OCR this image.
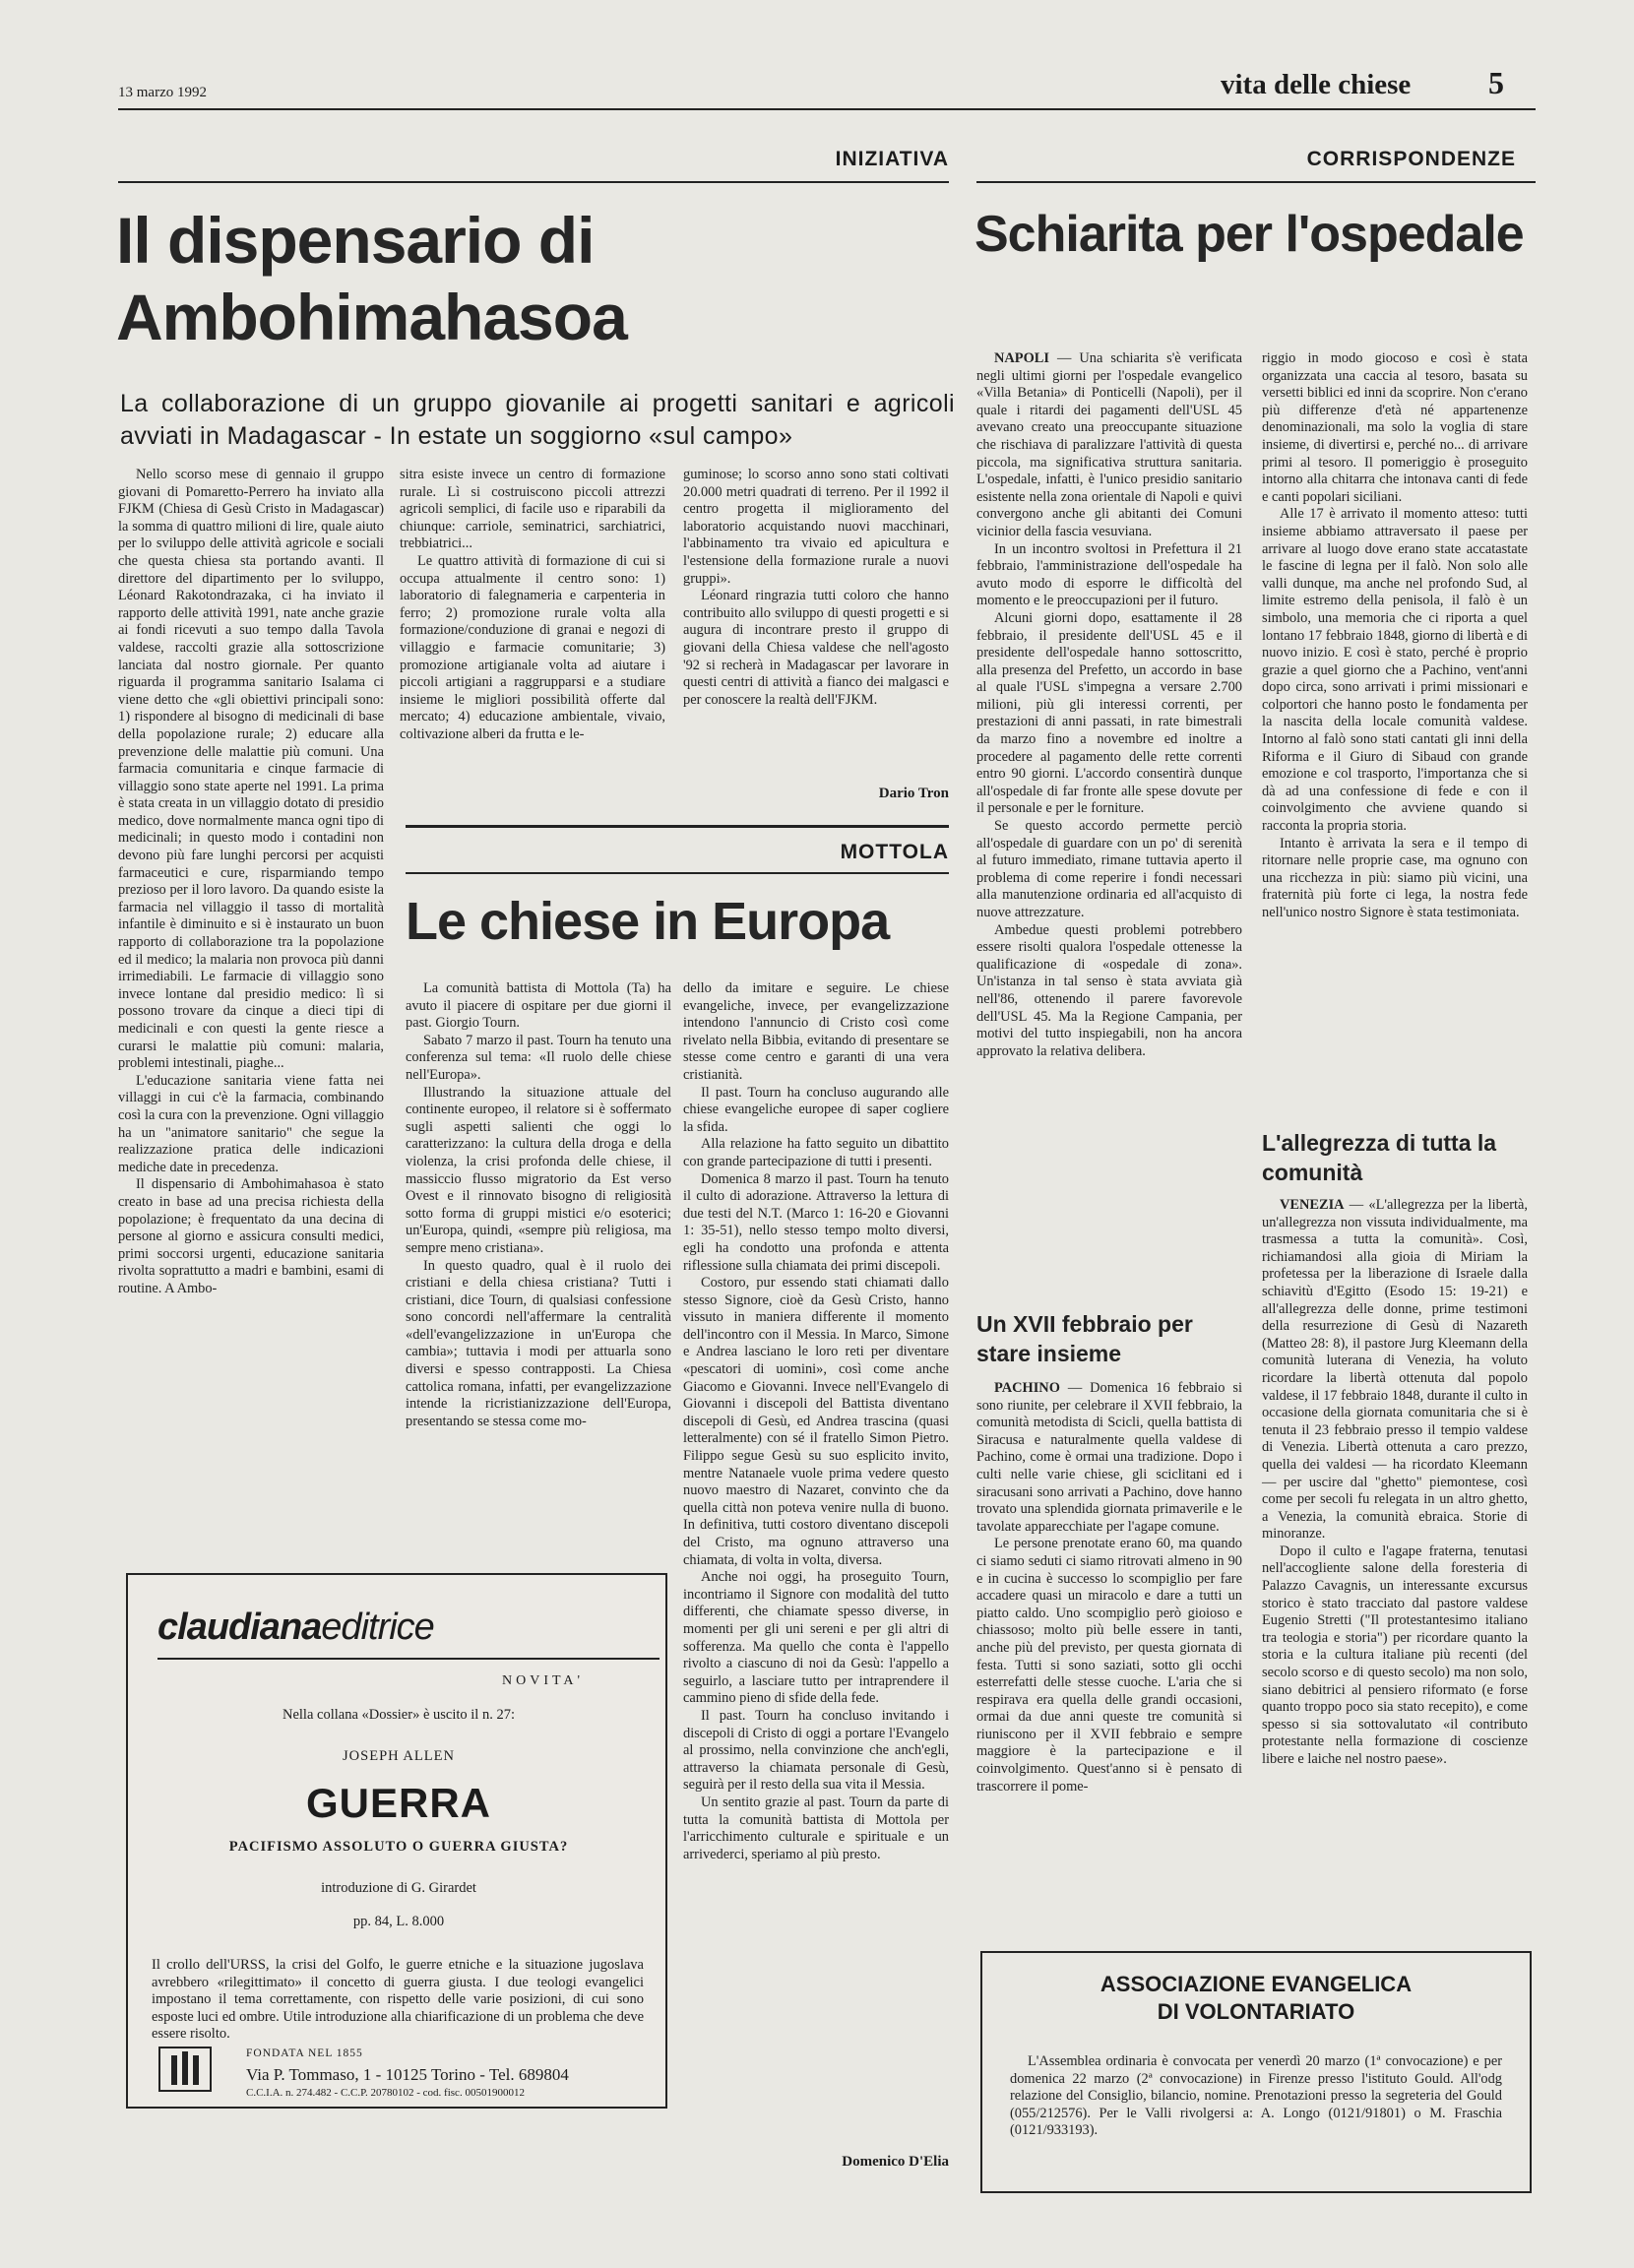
13 marzo 1992	vita delle chiese 5
INIZIATIVA
Il dispensario di Ambohimahasoa
La collaborazione di un gruppo giovanile ai progetti sanitari e agricoli avviati in Madagascar - In estate un soggiorno «sul campo»

Nello scorso mese di gennaio il gruppo giovani di Pomaretto-Perrero ha inviato alla FJKM (Chiesa di Gesù Cristo in Madagascar) la somma di quattro milioni di lire, quale aiuto per lo sviluppo delle attività agricole e sociali che questa chiesa sta portando avanti. Il direttore del dipartimento per lo sviluppo, Léonard Rakotondrazaka, ci ha inviato il rapporto delle attività 1991, nate anche grazie ai fondi ricevuti a suo tempo dalla Tavola valdese, raccolti grazie alla sottoscrizione lanciata dal nostro giornale. Per quanto riguarda il programma sanitario Isalama ci viene detto che «gli obiettivi principali sono: 1) rispondere al bisogno di medicinali di base della popolazione rurale; 2) educare alla prevenzione delle malattie più comuni. Una farmacia comunitaria e cinque farmacie di villaggio sono state aperte nel 1991. La prima è stata creata in un villaggio dotato di presidio medico, dove normalmente manca ogni tipo di medicinali; in questo modo i contadini non devono più fare lunghi percorsi per acquisti farmaceutici e cure, risparmiando tempo prezioso per il loro lavoro. Da quando esiste la farmacia nel villaggio il tasso di mortalità infantile è diminuito e si è instaurato un buon rapporto di collaborazione tra la popolazione ed il medico; la malaria non provoca più danni irrimediabili. Le farmacie di villaggio sono invece lontane dal presidio medico: lì si possono trovare da cinque a dieci tipi di medicinali e con questi la gente riesce a curarsi le malattie più comuni: malaria, problemi intestinali, piaghe...

L'educazione sanitaria viene fatta nei villaggi in cui c'è la farmacia, combinando così la cura con la prevenzione. Ogni villaggio ha un "animatore sanitario" che segue la realizzazione pratica delle indicazioni mediche date in precedenza.

Il dispensario di Ambohimahasoa è stato creato in base ad una precisa richiesta della popolazione; è frequentato da una decina di persone al giorno e assicura consulti medici, primi soccorsi urgenti, educazione sanitaria rivolta soprattutto a madri e bambini, esami di routine. A Ambo-

sitra esiste invece un centro di formazione rurale. Lì si costruiscono piccoli attrezzi agricoli semplici, di facile uso e riparabili da chiunque: carriole, seminatrici, sarchiatrici, trebbiatrici...

Le quattro attività di formazione di cui si occupa attualmente il centro sono: 1) laboratorio di falegnameria e carpenteria in ferro; 2) promozione rurale volta alla formazione/conduzione di granai e negozi di villaggio e farmacie comunitarie; 3) promozione artigianale volta ad aiutare i piccoli artigiani a raggrupparsi e a studiare insieme le migliori possibilità offerte dal mercato; 4) educazione ambientale, vivaio, coltivazione alberi da frutta e le-

guminose; lo scorso anno sono stati coltivati 20.000 metri quadrati di terreno. Per il 1992 il centro progetta il miglioramento del laboratorio acquistando nuovi macchinari, l'abbinamento tra vivaio ed apicultura e l'estensione della formazione rurale a nuovi gruppi».

Léonard ringrazia tutti coloro che hanno contribuito allo sviluppo di questi progetti e si augura di incontrare presto il gruppo di giovani della Chiesa valdese che nell'agosto '92 si recherà in Madagascar per lavorare in questi centri di attività a fianco dei malgasci e per conoscere la realtà dell'FJKM.

Dario Tron
MOTTOLA
Le chiese in Europa

La comunità battista di Mottola (Ta) ha avuto il piacere di ospitare per due giorni il past. Giorgio Tourn.

Sabato 7 marzo il past. Tourn ha tenuto una conferenza sul tema: «Il ruolo delle chiese nell'Europa».

Illustrando la situazione attuale del continente europeo, il relatore si è soffermato sugli aspetti salienti che oggi lo caratterizzano: la cultura della droga e della violenza, la crisi profonda delle chiese, il massiccio flusso migratorio da Est verso Ovest e il rinnovato bisogno di religiosità sotto forma di gruppi mistici e/o esoterici; un'Europa, quindi, «sempre più religiosa, ma sempre meno cristiana».

In questo quadro, qual è il ruolo dei cristiani e della chiesa cristiana? Tutti i cristiani, dice Tourn, di qualsiasi confessione sono concordi nell'affermare la centralità «dell'evangelizzazione in un'Europa che cambia»; tuttavia i modi per attuarla sono diversi e spesso contrapposti. La Chiesa cattolica romana, infatti, per evangelizzazione intende la ricristianizzazione dell'Europa, presentando se stessa come mo-

dello da imitare e seguire. Le chiese evangeliche, invece, per evangelizzazione intendono l'annuncio di Cristo così come rivelato nella Bibbia, evitando di presentare se stesse come centro e garanti di una vera cristianità.

Il past. Tourn ha concluso augurando alle chiese evangeliche europee di saper cogliere la sfida.

Alla relazione ha fatto seguito un dibattito con grande partecipazione di tutti i presenti.

Domenica 8 marzo il past. Tourn ha tenuto il culto di adorazione. Attraverso la lettura di due testi del N.T. (Marco 1: 16-20 e Giovanni 1: 35-51), nello stesso tempo molto diversi, egli ha condotto una profonda e attenta riflessione sulla chiamata dei primi discepoli.

Costoro, pur essendo stati chiamati dallo stesso Signore, cioè da Gesù Cristo, hanno vissuto in maniera differente il momento dell'incontro con il Messia. In Marco, Simone e Andrea lasciano le loro reti per diventare «pescatori di uomini», così come anche Giacomo e Giovanni. Invece nell'Evangelo di Giovanni i discepoli del Battista diventano discepoli di Gesù, ed Andrea trascina (quasi letteralmente) con sé il fratello Simon Pietro. Filippo segue Gesù su suo esplicito invito, mentre Natanaele vuole prima vedere questo nuovo maestro di Nazaret, convinto che da quella città non poteva venire nulla di buono. In definitiva, tutti costoro diventano discepoli del Cristo, ma ognuno attraverso una chiamata, di volta in volta, diversa.

Anche noi oggi, ha proseguito Tourn, incontriamo il Signore con modalità del tutto differenti, che chiamate spesso diverse, in momenti per gli uni sereni e per gli altri di sofferenza. Ma quello che conta è l'appello rivolto a ciascuno di noi da Gesù: l'appello a seguirlo, a lasciare tutto per intraprendere il cammino pieno di sfide della fede.

Il past. Tourn ha concluso invitando i discepoli di Cristo di oggi a portare l'Evangelo al prossimo, nella convinzione che anch'egli, attraverso la chiamata personale di Gesù, seguirà per il resto della sua vita il Messia.

Un sentito grazie al past. Tourn da parte di tutta la comunità battista di Mottola per l'arricchimento culturale e spirituale e un arrivederci, speriamo al più presto.

Domenico D'Elia
claudianaeditrice
NOVITA'
Nella collana «Dossier» è uscito il n. 27:
JOSEPH ALLEN
GUERRA
PACIFISMO ASSOLUTO O GUERRA GIUSTA?
introduzione di G. Girardet
pp. 84, L. 8.000
Il crollo dell'URSS, la crisi del Golfo, le guerre etniche e la situazione jugoslava avrebbero «rilegittimato» il concetto di guerra giusta. I due teologi evangelici impostano il tema correttamente, con rispetto delle varie posizioni, di cui sono esposte luci ed ombre. Utile introduzione alla chiarificazione di un problema che deve essere risolto.
FONDATA NEL 1855
Via P. Tommaso, 1 - 10125 Torino - Tel. 689804
C.C.I.A. n. 274.482 - C.C.P. 20780102 - cod. fisc. 00501900012
CORRISPONDENZE
Schiarita per l'ospedale

NAPOLI — Una schiarita s'è verificata negli ultimi giorni per l'ospedale evangelico «Villa Betania» di Ponticelli (Napoli), per il quale i ritardi dei pagamenti dell'USL 45 avevano creato una preoccupante situazione che rischiava di paralizzare l'attività di questa piccola, ma significativa struttura sanitaria. L'ospedale, infatti, è l'unico presidio sanitario esistente nella zona orientale di Napoli e quivi convergono anche gli abitanti dei Comuni vicinior della fascia vesuviana.

In un incontro svoltosi in Prefettura il 21 febbraio, l'amministrazione dell'ospedale ha avuto modo di esporre le difficoltà del momento e le preoccupazioni per il futuro.

Alcuni giorni dopo, esattamente il 28 febbraio, il presidente dell'USL 45 e il presidente dell'ospedale hanno sottoscritto, alla presenza del Prefetto, un accordo in base al quale l'USL s'impegna a versare 2.700 milioni, più gli interessi correnti, per prestazioni di anni passati, in rate bimestrali da marzo fino a novembre ed inoltre a procedere al pagamento delle rette correnti entro 90 giorni. L'accordo consentirà dunque all'ospedale di far fronte alle spese dovute per il personale e per le forniture.

Se questo accordo permette perciò all'ospedale di guardare con un po' di serenità al futuro immediato, rimane tuttavia aperto il problema di come reperire i fondi necessari alla manutenzione ordinaria ed all'acquisto di nuove attrezzature.

Ambedue questi problemi potrebbero essere risolti qualora l'ospedale ottenesse la qualificazione di «ospedale di zona». Un'istanza in tal senso è stata avviata già nell'86, ottenendo il parere favorevole dell'USL 45. Ma la Regione Campania, per motivi del tutto inspiegabili, non ha ancora approvato la relativa delibera.

Un XVII febbraio per stare insieme

PACHINO — Domenica 16 febbraio si sono riunite, per celebrare il XVII febbraio, la comunità metodista di Scicli, quella battista di Siracusa e naturalmente quella valdese di Pachino, come è ormai una tradizione. Dopo i culti nelle varie chiese, gli sciclitani ed i siracusani sono arrivati a Pachino, dove hanno trovato una splendida giornata primaverile e le tavolate apparecchiate per l'agape comune.

Le persone prenotate erano 60, ma quando ci siamo seduti ci siamo ritrovati almeno in 90 e in cucina è successo lo scompiglio per fare accadere quasi un miracolo e dare a tutti un piatto caldo. Uno scompiglio però gioioso e chiassoso; molto più belle essere in tanti, anche più del previsto, per questa giornata di festa. Tutti si sono saziati, sotto gli occhi esterrefatti delle stesse cuoche. L'aria che si respirava era quella delle grandi occasioni, ormai da due anni queste tre comunità si riuniscono per il XVII febbraio e sempre maggiore è la partecipazione e il coinvolgimento. Quest'anno si è pensato di trascorrere il pome-

riggio in modo giocoso e così è stata organizzata una caccia al tesoro, basata su versetti biblici ed inni da scoprire. Non c'erano più differenze d'età né appartenenze denominazionali, ma solo la voglia di stare insieme, di divertirsi e, perché no... di arrivare primi al tesoro. Il pomeriggio è proseguito intorno alla chitarra che intonava canti di fede e canti popolari siciliani.

Alle 17 è arrivato il momento atteso: tutti insieme abbiamo attraversato il paese per arrivare al luogo dove erano state accatastate le fascine di legna per il falò. Non solo alle valli dunque, ma anche nel profondo Sud, al limite estremo della penisola, il falò è un simbolo, una memoria che ci riporta a quel lontano 17 febbraio 1848, giorno di libertà e di nuovo inizio. E così è stato, perché è proprio grazie a quel giorno che a Pachino, vent'anni dopo circa, sono arrivati i primi missionari e colportori che hanno posto le fondamenta per la nascita della locale comunità valdese. Intorno al falò sono stati cantati gli inni della Riforma e il Giuro di Sibaud con grande emozione e col trasporto, l'importanza che si dà ad una confessione di fede e con il coinvolgimento che avviene quando si racconta la propria storia.

Intanto è arrivata la sera e il tempo di ritornare nelle proprie case, ma ognuno con una ricchezza in più: siamo più vicini, una fraternità più forte ci lega, la nostra fede nell'unico nostro Signore è stata testimoniata.

L'allegrezza di tutta la comunità

VENEZIA — «L'allegrezza per la libertà, un'allegrezza non vissuta individualmente, ma trasmessa a tutta la comunità». Così, richiamandosi alla gioia di Miriam la profetessa per la liberazione di Israele dalla schiavitù d'Egitto (Esodo 15: 19-21) e all'allegrezza delle donne, prime testimoni della resurrezione di Gesù di Nazareth (Matteo 28: 8), il pastore Jurg Kleemann della comunità luterana di Venezia, ha voluto ricordare la libertà ottenuta dal popolo valdese, il 17 febbraio 1848, durante il culto in occasione della giornata comunitaria che si è tenuta il 23 febbraio presso il tempio valdese di Venezia. Libertà ottenuta a caro prezzo, quella dei valdesi — ha ricordato Kleemann — per uscire dal "ghetto" piemontese, così come per secoli fu relegata in un altro ghetto, a Venezia, la comunità ebraica. Storie di minoranze.

Dopo il culto e l'agape fraterna, tenutasi nell'accogliente salone della foresteria di Palazzo Cavagnis, un interessante excursus storico è stato tracciato dal pastore valdese Eugenio Stretti ("Il protestantesimo italiano tra teologia e storia") per ricordare quanto la storia e la cultura italiane più recenti (del secolo scorso e di questo secolo) ma non solo, siano debitrici al pensiero riformato (e forse quanto troppo poco sia stato recepito), e come spesso si sia sottovalutato «il contributo protestante nella formazione di coscienze libere e laiche nel nostro paese».

ASSOCIAZIONE EVANGELICA
DI VOLONTARIATO

L'Assemblea ordinaria è convocata per venerdì 20 marzo (1ª convocazione) e per domenica 22 marzo (2ª convocazione) in Firenze presso l'istituto Gould. All'odg relazione del Consiglio, bilancio, nomine. Prenotazioni presso la segreteria del Gould (055/212576). Per le Valli rivolgersi a: A. Longo (0121/91801) o M. Fraschia (0121/933193).
